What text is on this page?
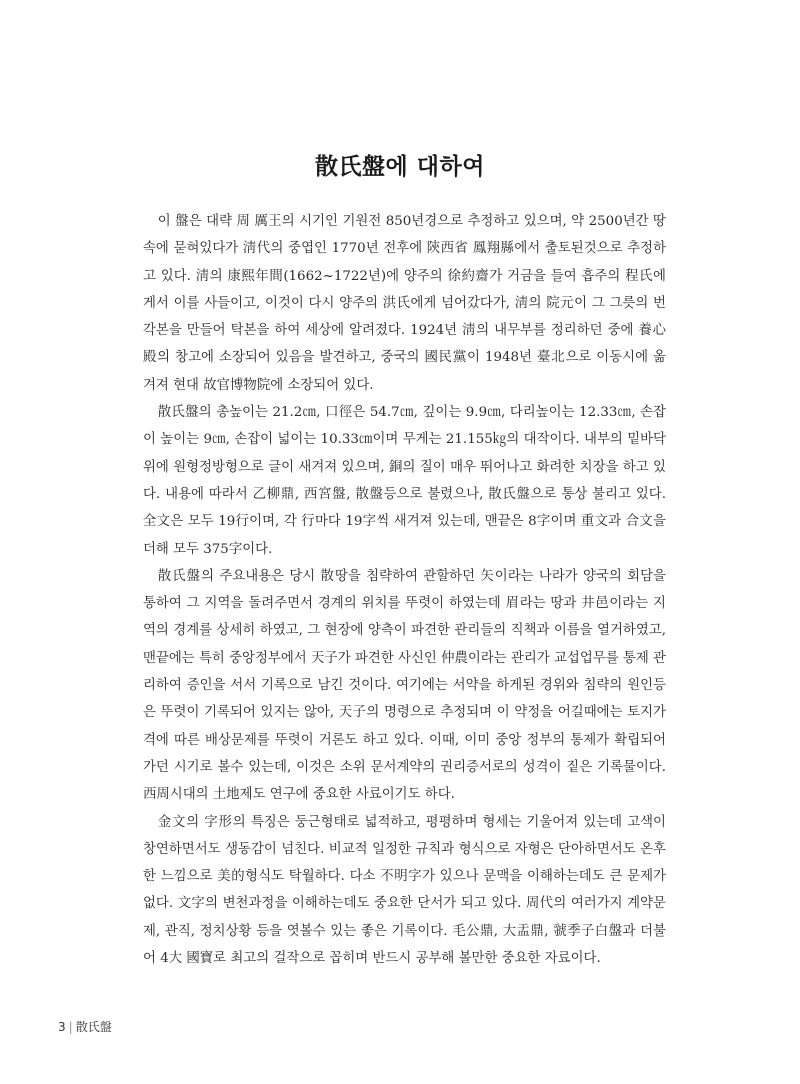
散氏盤에 대하여

이 盤은 대략 周 厲王의 시기인 기원전 850년경으로 추정하고 있으며, 약 2500년간 땅속에 묻혀있다가 淸代의 중엽인 1770년 전후에 陝西省 鳳翔縣에서 출토된것으로 추정하고 있다. 淸의 康熙年間(1662~1722년)에 양주의 徐約齋가 거금을 들여 흡주의 程氏에게서 이를 사들이고, 이것이 다시 양주의 洪氏에게 넘어갔다가, 淸의 院元이 그 그릇의 번각본을 만들어 탁본을 하여 세상에 알려졌다. 1924년 淸의 내무부를 정리하던 중에 養心殿의 창고에 소장되어 있음을 발견하고, 중국의 國民黨이 1948년 臺北으로 이동시에 옮겨져 현대 故官博物院에 소장되어 있다.

散氏盤의 총높이는 21.2㎝, 口徑은 54.7㎝, 깊이는 9.9㎝, 다리높이는 12.33㎝, 손잡이 높이는 9㎝, 손잡이 넓이는 10.33㎝이며 무게는 21.155㎏의 대작이다. 내부의 밑바닥위에 원형정방형으로 글이 새겨져 있으며, 銅의 질이 매우 뛰어나고 화려한 치장을 하고 있다. 내용에 따라서 乙柳鼎, 西宮盤, 散盤등으로 불렸으나, 散氏盤으로 통상 불리고 있다. 全文은 모두 19行이며, 각 行마다 19字씩 새겨져 있는데, 맨끝은 8字이며 重文과 合文을 더해 모두 375字이다.

散氏盤의 주요내용은 당시 散땅을 침략하여 관할하던 矢이라는 나라가 양국의 회담을 통하여 그 지역을 돌려주면서 경계의 위치를 뚜렷이 하였는데 眉라는 땅과 井邑이라는 지역의 경계를 상세히 하였고, 그 현장에 양측이 파견한 관리들의 직책과 이름을 열거하였고, 맨끝에는 특히 중앙정부에서 天子가 파견한 사신인 仲農이라는 관리가 교섭업무를 통제 관리하여 증인을 서서 기록으로 남긴 것이다. 여기에는 서약을 하게된 경위와 침략의 원인등은 뚜렷이 기록되어 있지는 않아, 天子의 명령으로 추정되며 이 약정을 어길때에는 토지가격에 따른 배상문제를 뚜렷이 거론도 하고 있다. 이때, 이미 중앙 정부의 통제가 확립되어가던 시기로 볼수 있는데, 이것은 소위 문서계약의 권리증서로의 성격이 짙은 기록물이다. 西周시대의 土地제도 연구에 중요한 사료이기도 하다.

金文의 字形의 특징은 둥근형태로 넓적하고, 평평하며 형세는 기울어져 있는데 고색이 창연하면서도 생동감이 넘친다. 비교적 일정한 규칙과 형식으로 자형은 단아하면서도 온후한 느낌으로 美的형식도 탁월하다. 다소 不明字가 있으나 문맥을 이해하는데도 큰 문제가 없다. 文字의 변천과정을 이해하는데도 중요한 단서가 되고 있다. 周代의 여러가지 계약문제, 관직, 정치상황 등을 엿볼수 있는 좋은 기록이다. 毛公鼎, 大盂鼎, 虢季子白盤과 더불어 4大 國寶로 최고의 걸작으로 꼽히며 반드시 공부해 볼만한 중요한 자료이다.

3 | 散氏盤
